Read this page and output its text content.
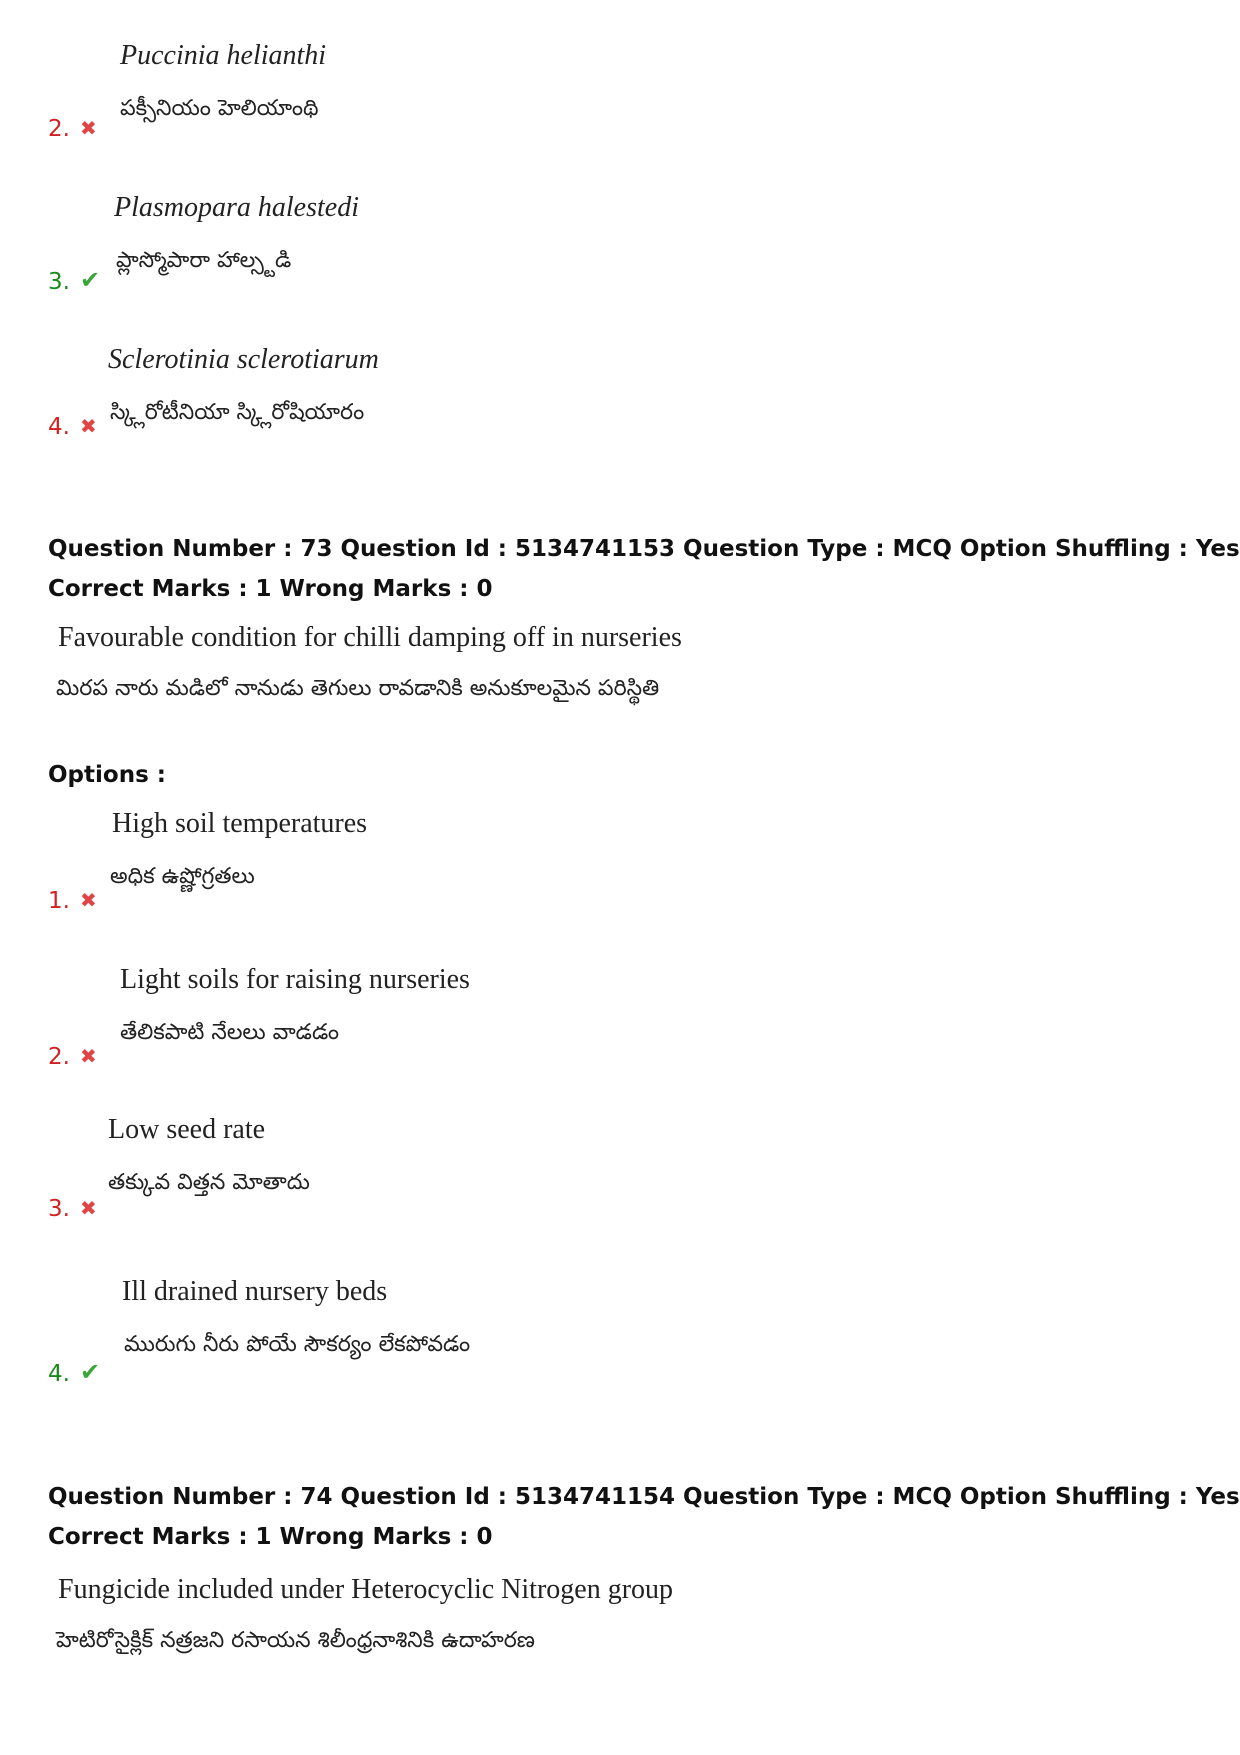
Puccinia helianthi
పక్సీనియం హెలియాంథి
2. ✖
Plasmopara halestedi
ప్లాస్మోపారా హాల్స్టడి
3. ✔
Sclerotinia sclerotiarum
స్క్లిరోటీనియా స్క్లిరోషియారం
4. ✖
Question Number : 73 Question Id : 5134741153 Question Type : MCQ Option Shuffling : Yes
Correct Marks : 1 Wrong Marks : 0
Favourable condition for chilli damping off in nurseries
మిరప నారు మడిలో నానుడు తెగులు రావడానికి అనుకూలమైన పరిస్థితి
Options :
High soil temperatures
అధిక ఉష్ణోగ్రతలు
1. ✖
Light soils for raising nurseries
తేలికపాటి నేలలు వాడడం
2. ✖
Low seed rate
తక్కువ విత్తన మోతాదు
3. ✖
Ill drained nursery beds
మురుగు నీరు పోయే సౌకర్యం లేకపోవడం
4. ✔
Question Number : 74 Question Id : 5134741154 Question Type : MCQ Option Shuffling : Yes
Correct Marks : 1 Wrong Marks : 0
Fungicide included under Heterocyclic Nitrogen group
హెటిరోసైక్లిక్ నత్రజని రసాయన శిలీంధ్రనాశినికి ఉదాహరణ
